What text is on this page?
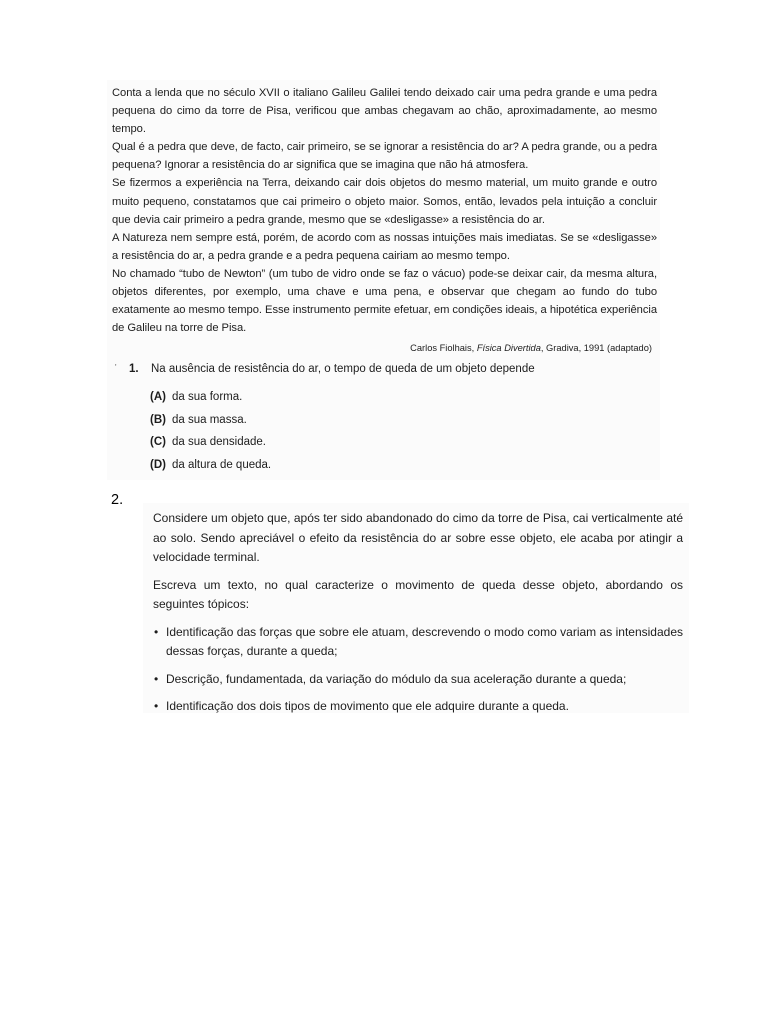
Conta a lenda que no século XVII o italiano Galileu Galilei tendo deixado cair uma pedra grande e uma pedra pequena do cimo da torre de Pisa, verificou que ambas chegavam ao chão, aproximadamente, ao mesmo tempo.

Qual é a pedra que deve, de facto, cair primeiro, se se ignorar a resistência do ar? A pedra grande, ou a pedra pequena? Ignorar a resistência do ar significa que se imagina que não há atmosfera.

Se fizermos a experiência na Terra, deixando cair dois objetos do mesmo material, um muito grande e outro muito pequeno, constatamos que cai primeiro o objeto maior. Somos, então, levados pela intuição a concluir que devia cair primeiro a pedra grande, mesmo que se «desligasse» a resistência do ar.

A Natureza nem sempre está, porém, de acordo com as nossas intuições mais imediatas. Se se «desligasse» a resistência do ar, a pedra grande e a pedra pequena cairiam ao mesmo tempo.

No chamado “tubo de Newton” (um tubo de vidro onde se faz o vácuo) pode-se deixar cair, da mesma altura, objetos diferentes, por exemplo, uma chave e uma pena, e observar que chegam ao fundo do tubo exatamente ao mesmo tempo. Esse instrumento permite efetuar, em condições ideais, a hipotética experiência de Galileu na torre de Pisa.

Carlos Fiolhais, Física Divertida, Gradiva, 1991 (adaptado)
' 1. Na ausência de resistência do ar, o tempo de queda de um objeto depende
(A) da sua forma.
(B) da sua massa.
(C) da sua densidade.
(D) da altura de queda.
2.

Considere um objeto que, após ter sido abandonado do cimo da torre de Pisa, cai verticalmente até ao solo. Sendo apreciável o efeito da resistência do ar sobre esse objeto, ele acaba por atingir a velocidade terminal.

Escreva um texto, no qual caracterize o movimento de queda desse objeto, abordando os seguintes tópicos:

• Identificação das forças que sobre ele atuam, descrevendo o modo como variam as intensidades dessas forças, durante a queda;
• Descrição, fundamentada, da variação do módulo da sua aceleração durante a queda;
• Identificação dos dois tipos de movimento que ele adquire durante a queda.
